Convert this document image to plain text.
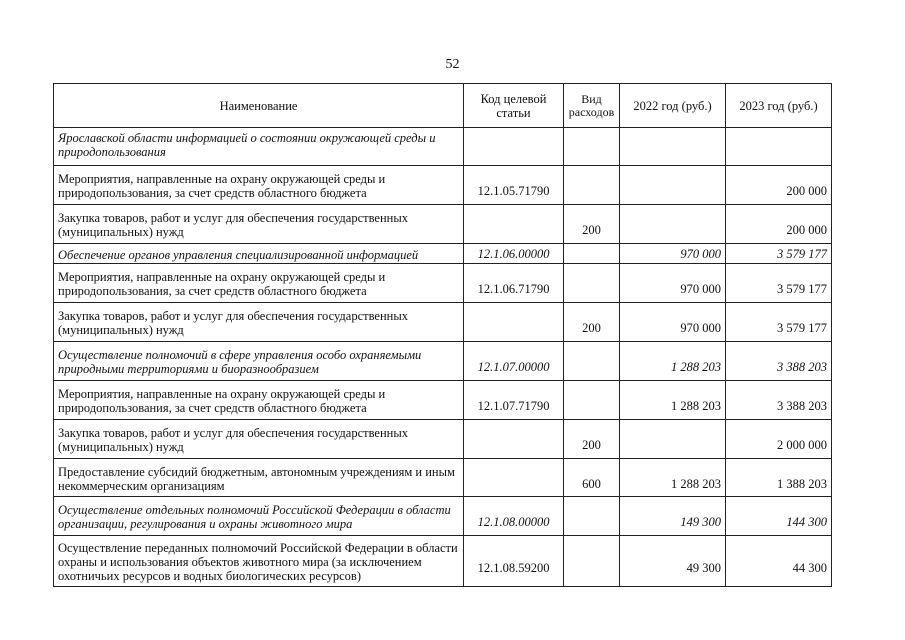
52
Наименование	Код целевой статьи	Вид расходов	2022 год (руб.)	2023 год (руб.)

Ярославской области информацией о состоянии окружающей среды и природопользования				

Мероприятия, направленные на охрану окружающей среды и природопользования, за счет средств областного бюджета	12.1.05.71790			200 000

Закупка товаров, работ и услуг для обеспечения государственных (муниципальных) нужд		200		200 000

Обеспечение органов управления специализированной информацией	12.1.06.00000		970 000	3 579 177

Мероприятия, направленные на охрану окружающей среды и природопользования, за счет средств областного бюджета	12.1.06.71790		970 000	3 579 177

Закупка товаров, работ и услуг для обеспечения государственных (муниципальных) нужд		200	970 000	3 579 177

Осуществление полномочий в сфере управления особо охраняемыми природными территориями и биоразнообразием	12.1.07.00000		1 288 203	3 388 203

Мероприятия, направленные на охрану окружающей среды и природопользования, за счет средств областного бюджета	12.1.07.71790		1 288 203	3 388 203

Закупка товаров, работ и услуг для обеспечения государственных (муниципальных) нужд		200		2 000 000

Предоставление субсидий бюджетным, автономным учреждениям и иным некоммерческим организациям		600	1 288 203	1 388 203

Осуществление отдельных полномочий Российской Федерации в области организации, регулирования и охраны животного мира	12.1.08.00000		149 300	144 300

Осуществление переданных полномочий Российской Федерации в области охраны и использования объектов животного мира (за исключением охотничьих ресурсов и водных биологических ресурсов)	12.1.08.59200		49 300	44 300
